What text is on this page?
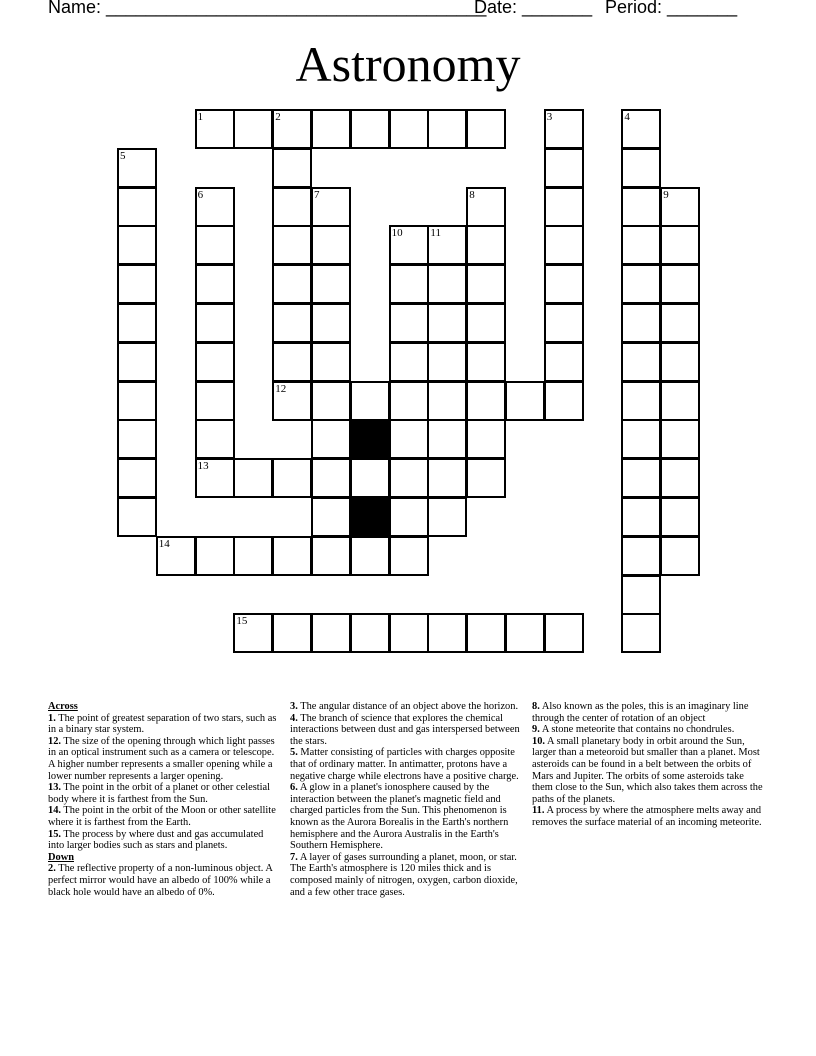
Name: ______________________________________
Date: _______ Period: _______
Astronomy
1	2
12
13
14
15
3	4
5
6	7	8	9
10	11
Across

1. The point of greatest separation of two stars, such as in a binary star system.

12. The size of the opening through which light passes in an optical instrument such as a camera or telescope. A higher number represents a smaller opening while a lower number represents a larger opening.

13. The point in the orbit of a planet or other celestial body where it is farthest from the Sun.

14. The point in the orbit of the Moon or other satellite where it is farthest from the Earth.

15. The process by where dust and gas accumulated into larger bodies such as stars and planets.

Down

2. The reflective property of a non-luminous object. A perfect mirror would have an albedo of 100% while a black hole would have an albedo of 0%.

3. The angular distance of an object above the horizon.

4. The branch of science that explores the chemical interactions between dust and gas interspersed between the stars.

5. Matter consisting of particles with charges opposite that of ordinary matter. In antimatter, protons have a negative charge while electrons have a positive charge.

6. A glow in a planet's ionosphere caused by the interaction between the planet's magnetic field and charged particles from the Sun. This phenomenon is known as the Aurora Borealis in the Earth's northern hemisphere and the Aurora Australis in the Earth's Southern Hemisphere.

7. A layer of gases surrounding a planet, moon, or star. The Earth's atmosphere is 120 miles thick and is composed mainly of nitrogen, oxygen, carbon dioxide, and a few other trace gases.

8. Also known as the poles, this is an imaginary line through the center of rotation of an object

9. A stone meteorite that contains no chondrules.

10. A small planetary body in orbit around the Sun, larger than a meteoroid but smaller than a planet. Most asteroids can be found in a belt between the orbits of Mars and Jupiter. The orbits of some asteroids take them close to the Sun, which also takes them across the paths of the planets.

11. A process by where the atmosphere melts away and removes the surface material of an incoming meteorite.
